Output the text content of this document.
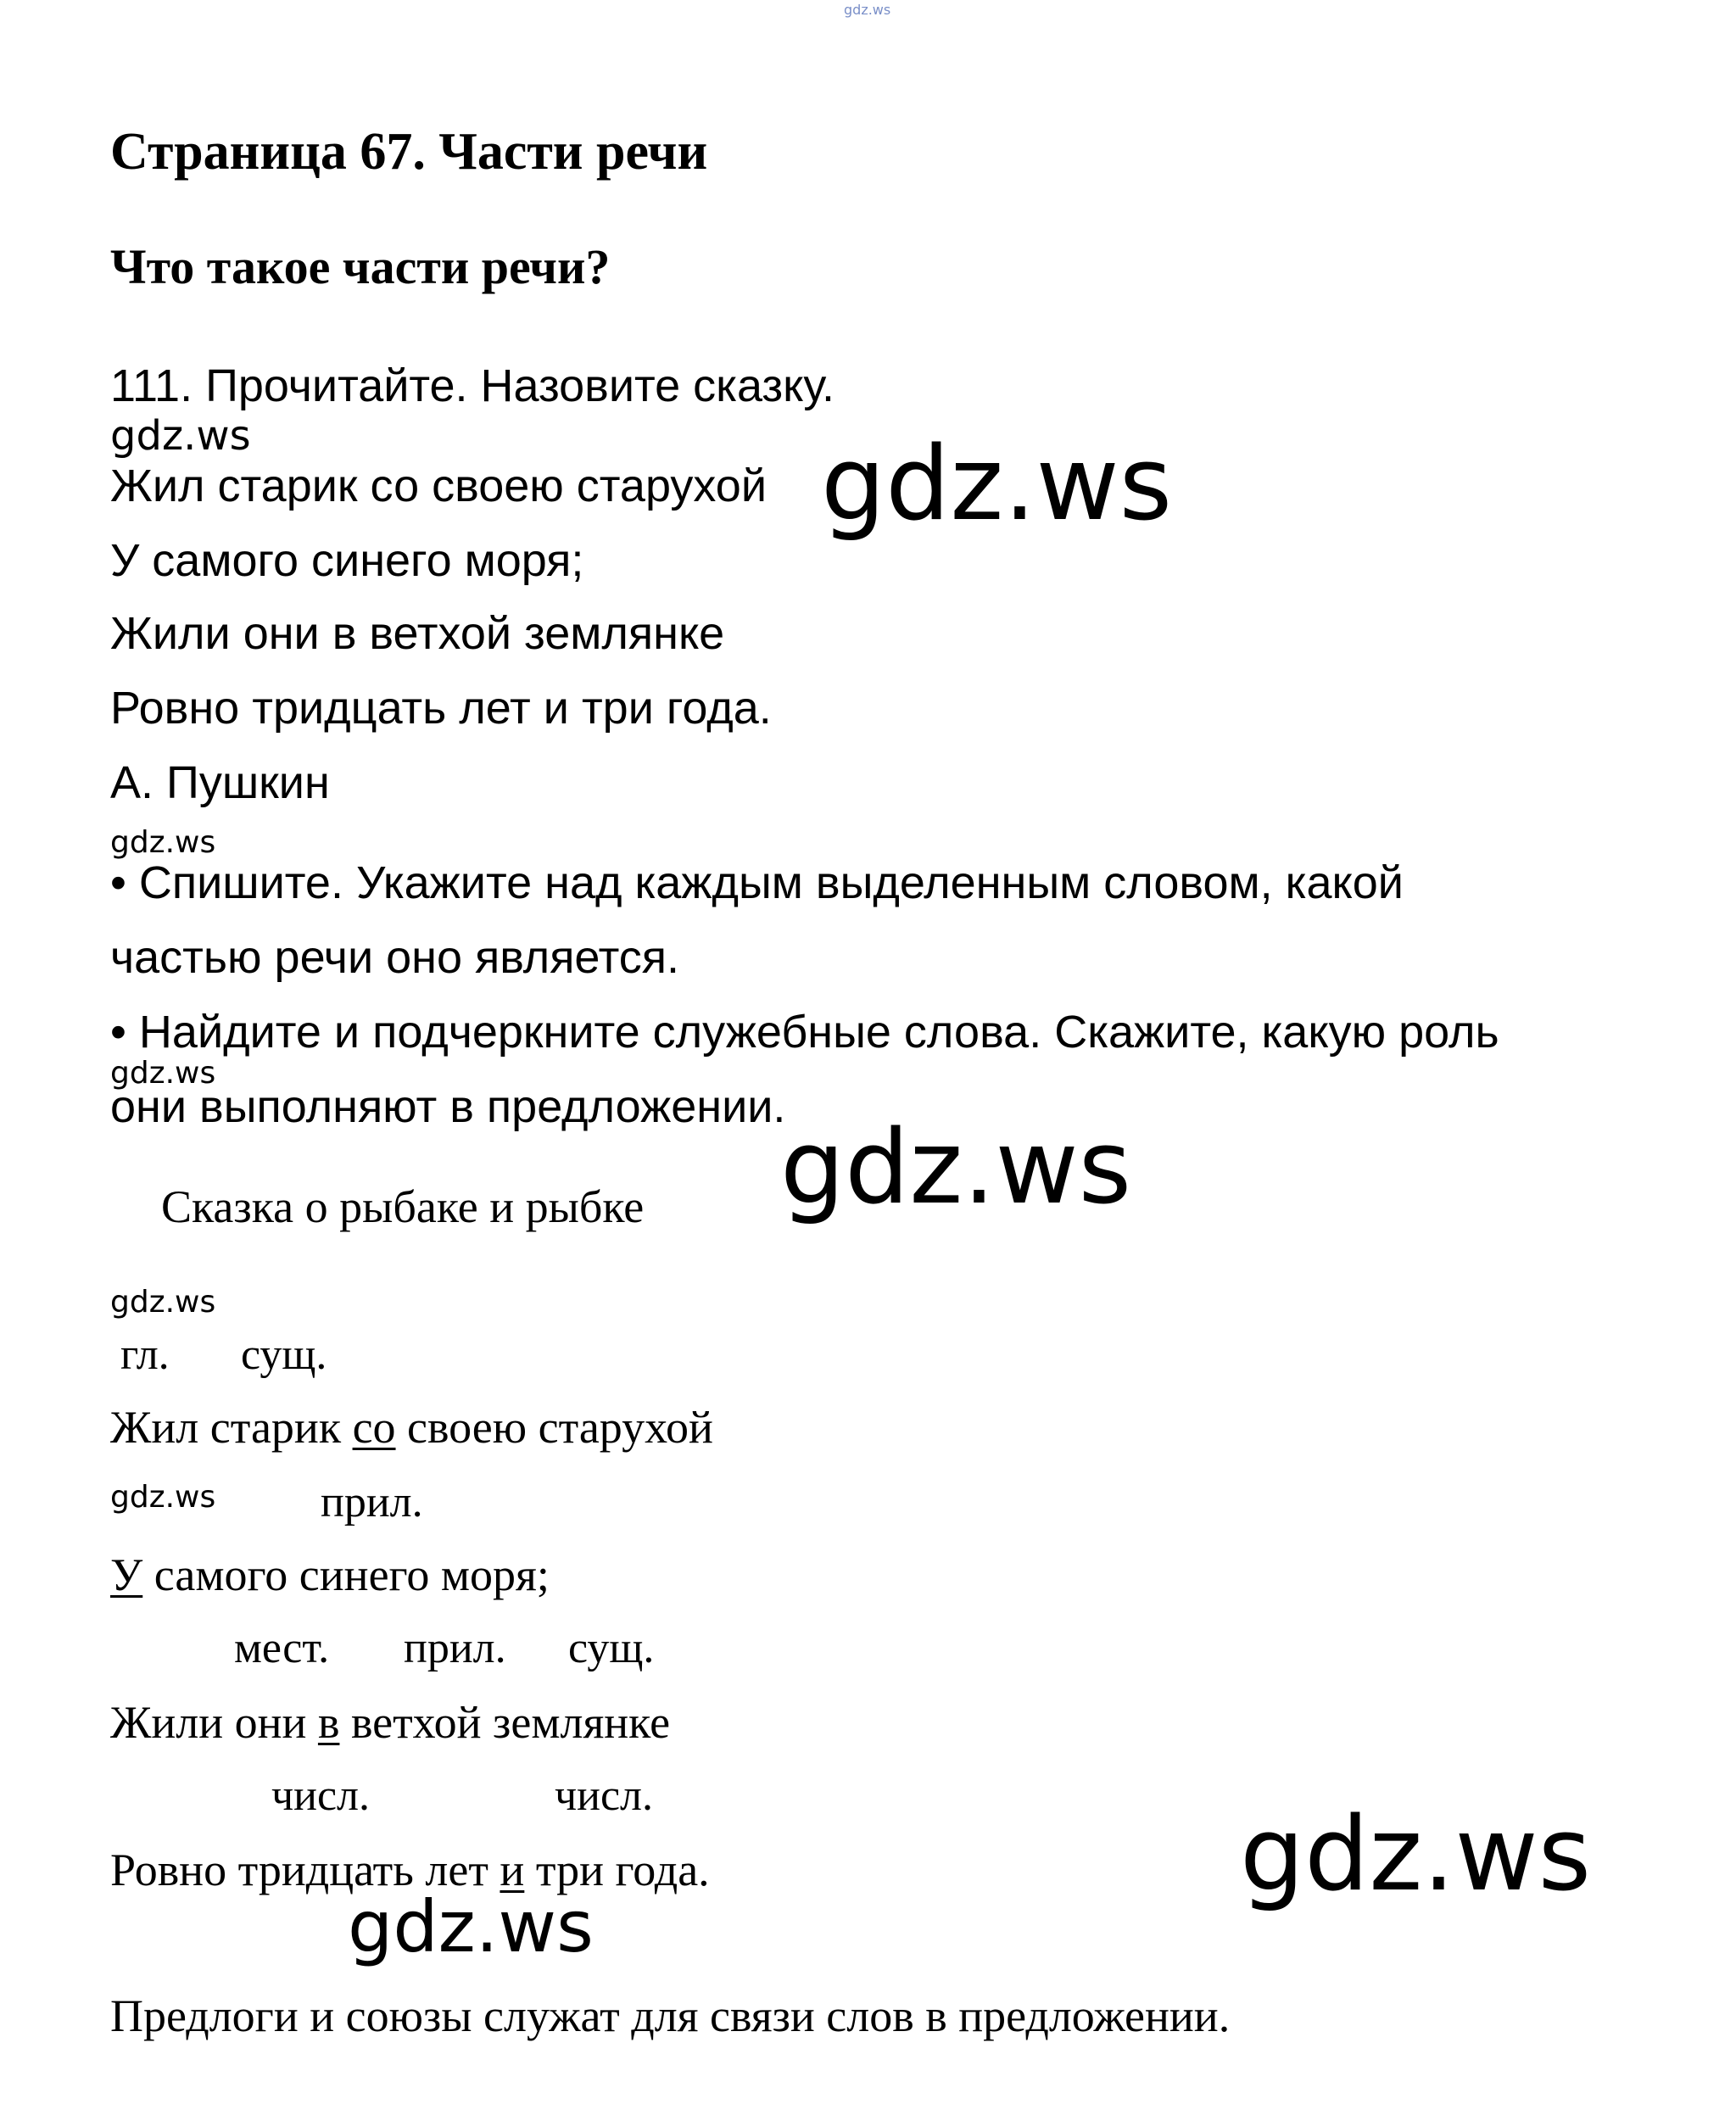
gdz.ws
Страница 67. Части речи
Что такое части речи?
111. Прочитайте. Назовите сказку.
gdz.ws
Жил старик со своею старухой gdz.ws
У самого синего моря;
Жили они в ветхой землянке
Ровно тридцать лет и три года.
А. Пушкин
gdz.ws
• Спишите. Укажите над каждым выделенным словом, какой
частью речи оно является.
• Найдите и подчеркните служебные слова. Скажите, какую роль
gdz.ws
они выполняют в предложении.
Сказка о рыбаке и рыбке gdz.ws
gdz.ws
гл. сущ.
Жил старик со своею старухой
gdz.ws прил.
У самого синего моря;
мест. прил. сущ.
Жили они в ветхой землянке
числ.	числ.
Ровно тридцать лет и три года.	gdz.ws
gdz.ws
Предлоги и союзы служат для связи слов в предложении.
